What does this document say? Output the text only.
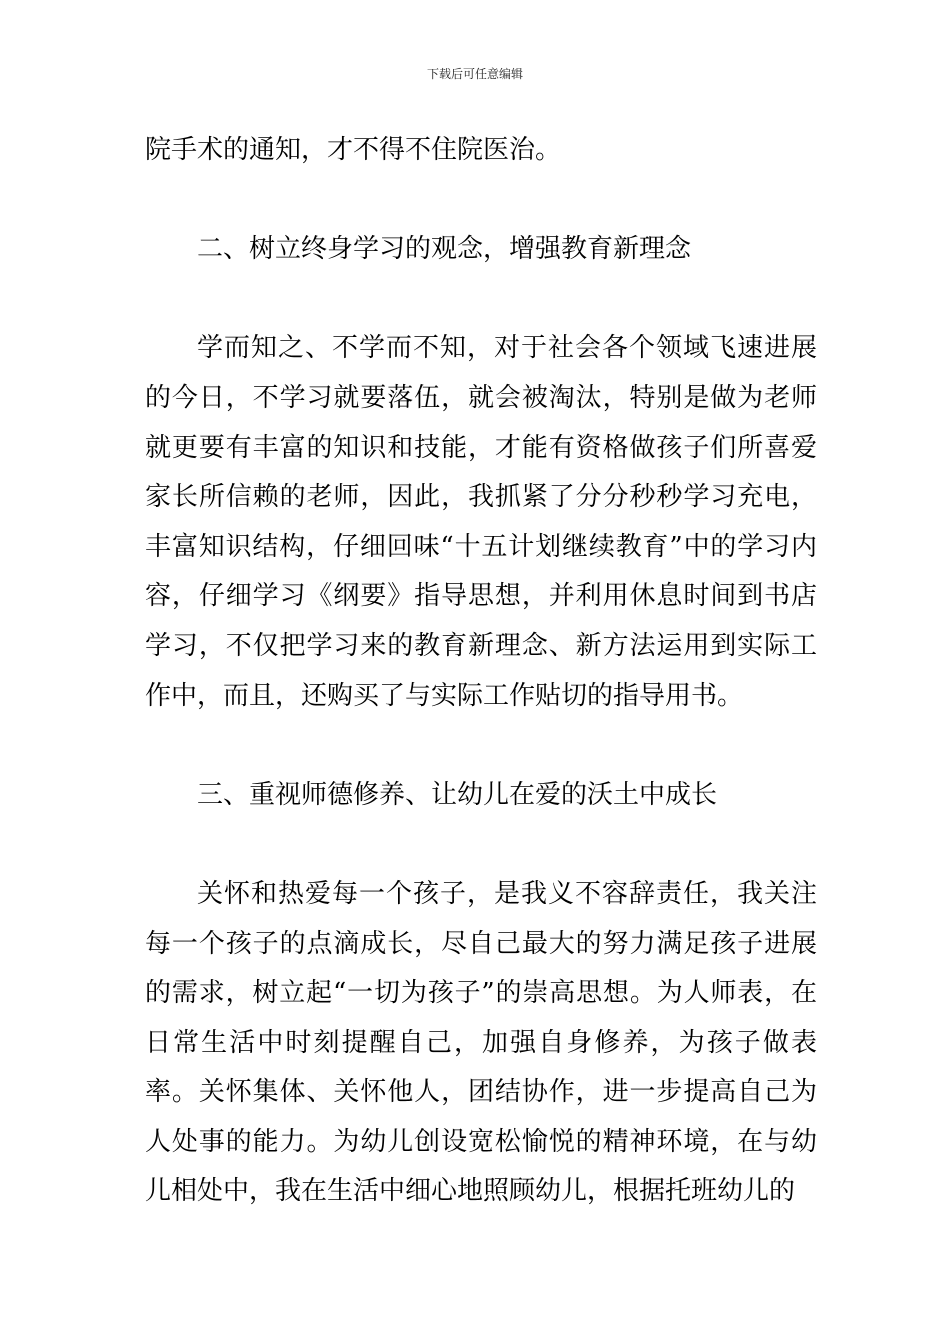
下载后可任意编辑

院手术的通知，才不得不住院医治。

二、树立终身学习的观念，增强教育新理念

学而知之、不学而不知，对于社会各个领域飞速进展的今日，不学习就要落伍，就会被淘汰，特别是做为老师就更要有丰富的知识和技能，才能有资格做孩子们所喜爱家长所信赖的老师，因此，我抓紧了分分秒秒学习充电，丰富知识结构，仔细回味“十五计划继续教育”中的学习内容，仔细学习《纲要》指导思想，并利用休息时间到书店学习，不仅把学习来的教育新理念、新方法运用到实际工作中，而且，还购买了与实际工作贴切的指导用书。

三、重视师德修养、让幼儿在爱的沃土中成长

关怀和热爱每一个孩子，是我义不容辞责任，我关注每一个孩子的点滴成长，尽自己最大的努力满足孩子进展的需求，树立起“一切为孩子”的崇高思想。为人师表，在日常生活中时刻提醒自己，加强自身修养，为孩子做表率。关怀集体、关怀他人，团结协作，进一步提高自己为人处事的能力。为幼儿创设宽松愉悦的精神环境，在与幼儿相处中，我在生活中细心地照顾幼儿，根据托班幼儿的
